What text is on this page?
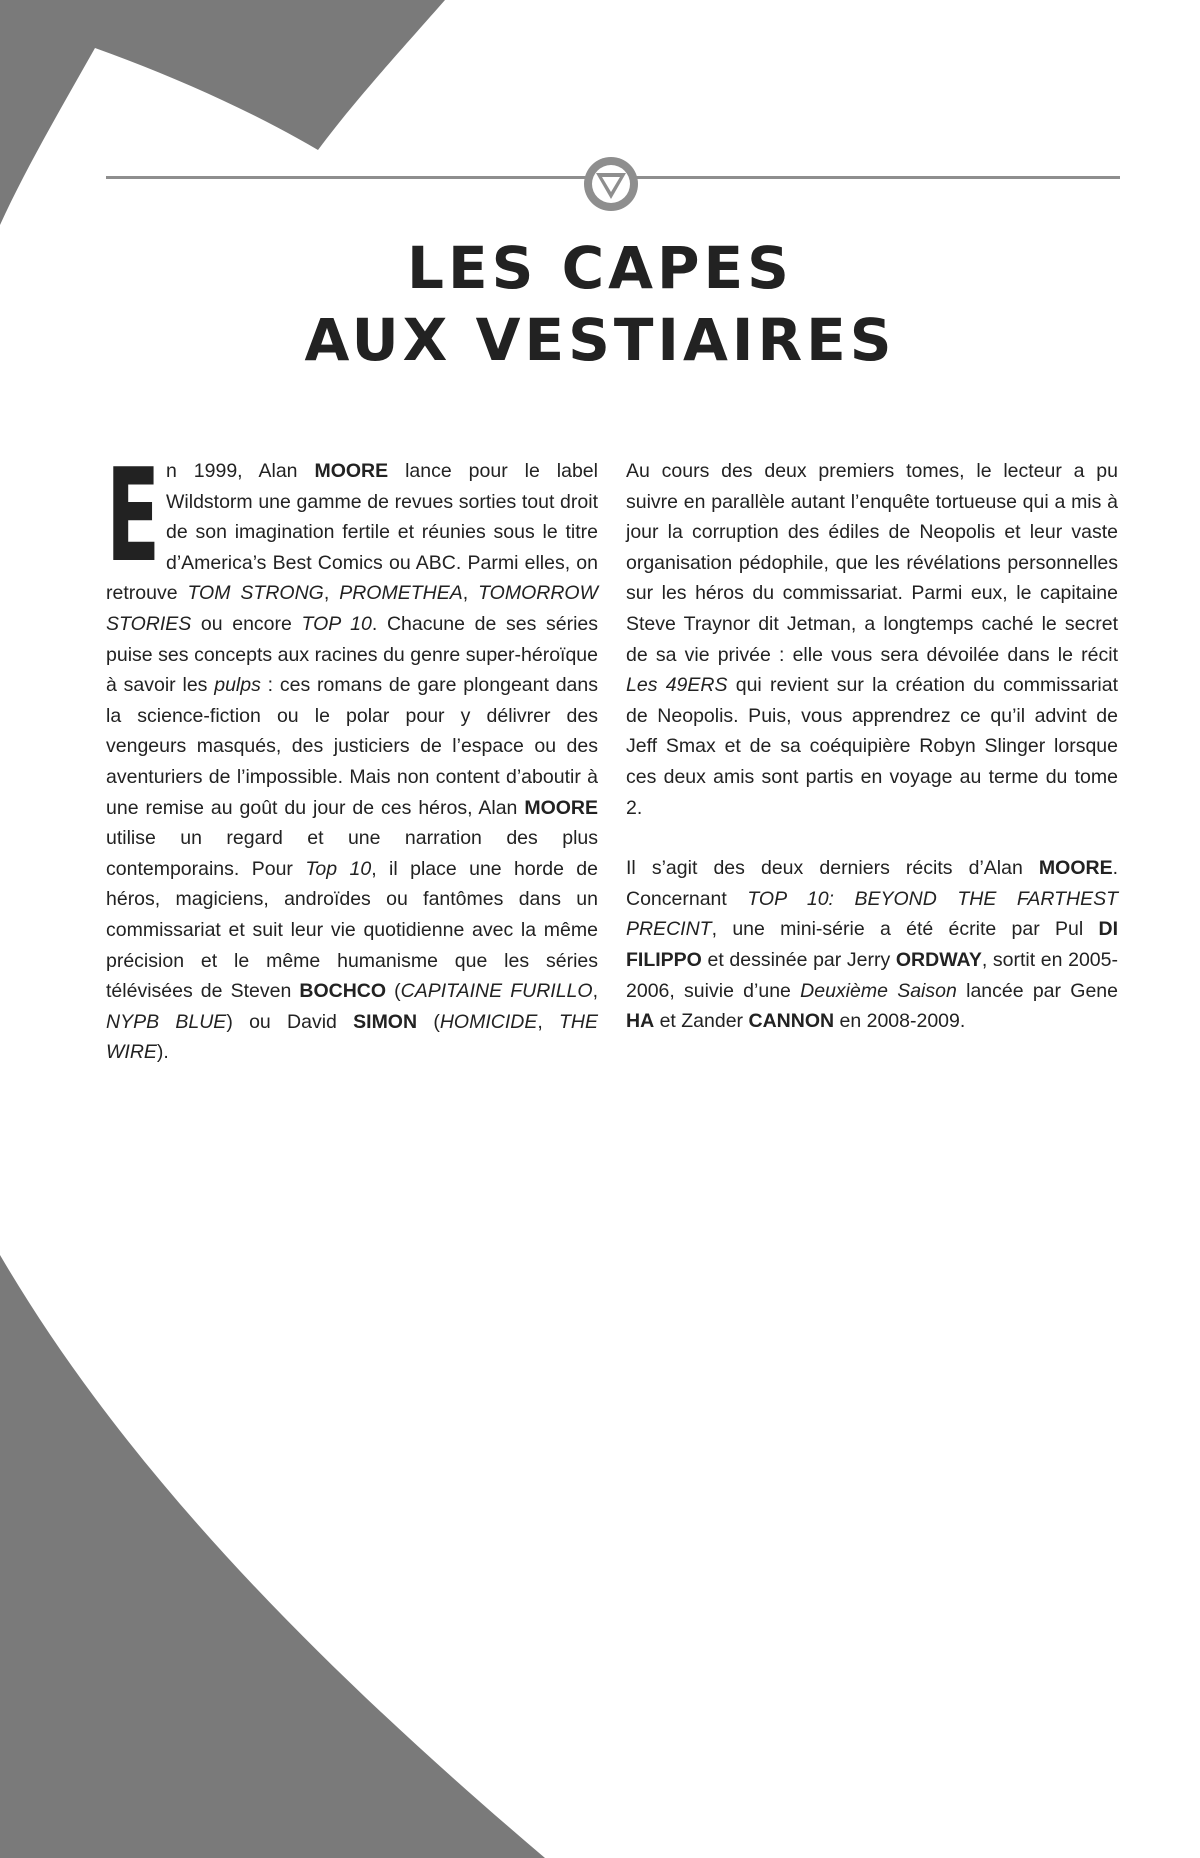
LES CAPES
AUX VESTIAIRES

En 1999, Alan MOORE lance pour le label Wildstorm une gamme de revues sorties tout droit de son imagination fertile et réunies sous le titre d’America’s Best Comics ou ABC. Parmi elles, on retrouve TOM STRONG, PROMETHEA, TOMORROW STORIES ou encore TOP 10. Chacune de ses séries puise ses concepts aux racines du genre super-héroïque à savoir les pulps : ces romans de gare plongeant dans la science-fiction ou le polar pour y délivrer des vengeurs masqués, des justiciers de l’espace ou des aventuriers de l’impossible. Mais non content d’aboutir à une remise au goût du jour de ces héros, Alan MOORE utilise un regard et une narration des plus contemporains. Pour Top 10, il place une horde de héros, magiciens, androïdes ou fantômes dans un commissariat et suit leur vie quotidienne avec la même précision et le même humanisme que les séries télévisées de Steven BOCHCO (CAPITAINE FURILLO, NYPB BLUE) ou David SIMON (HOMICIDE, THE WIRE).

Au cours des deux premiers tomes, le lecteur a pu suivre en parallèle autant l’enquête tortueuse qui a mis à jour la corruption des édiles de Neopolis et leur vaste organisation pédophile, que les révélations personnelles sur les héros du commissariat. Parmi eux, le capitaine Steve Traynor dit Jetman, a longtemps caché le secret de sa vie privée : elle vous sera dévoilée dans le récit Les 49ERS qui revient sur la création du commissariat de Neopolis. Puis, vous apprendrez ce qu’il advint de Jeff Smax et de sa coéquipière Robyn Slinger lorsque ces deux amis sont partis en voyage au terme du tome 2.

Il s’agit des deux derniers récits d’Alan MOORE. Concernant TOP 10: BEYOND THE FARTHEST PRECINT, une mini-série a été écrite par Pul DI FILIPPO et dessinée par Jerry ORDWAY, sortit en 2005-2006, suivie d’une Deuxième Saison lancée par Gene HA et Zander CANNON en 2008-2009.
